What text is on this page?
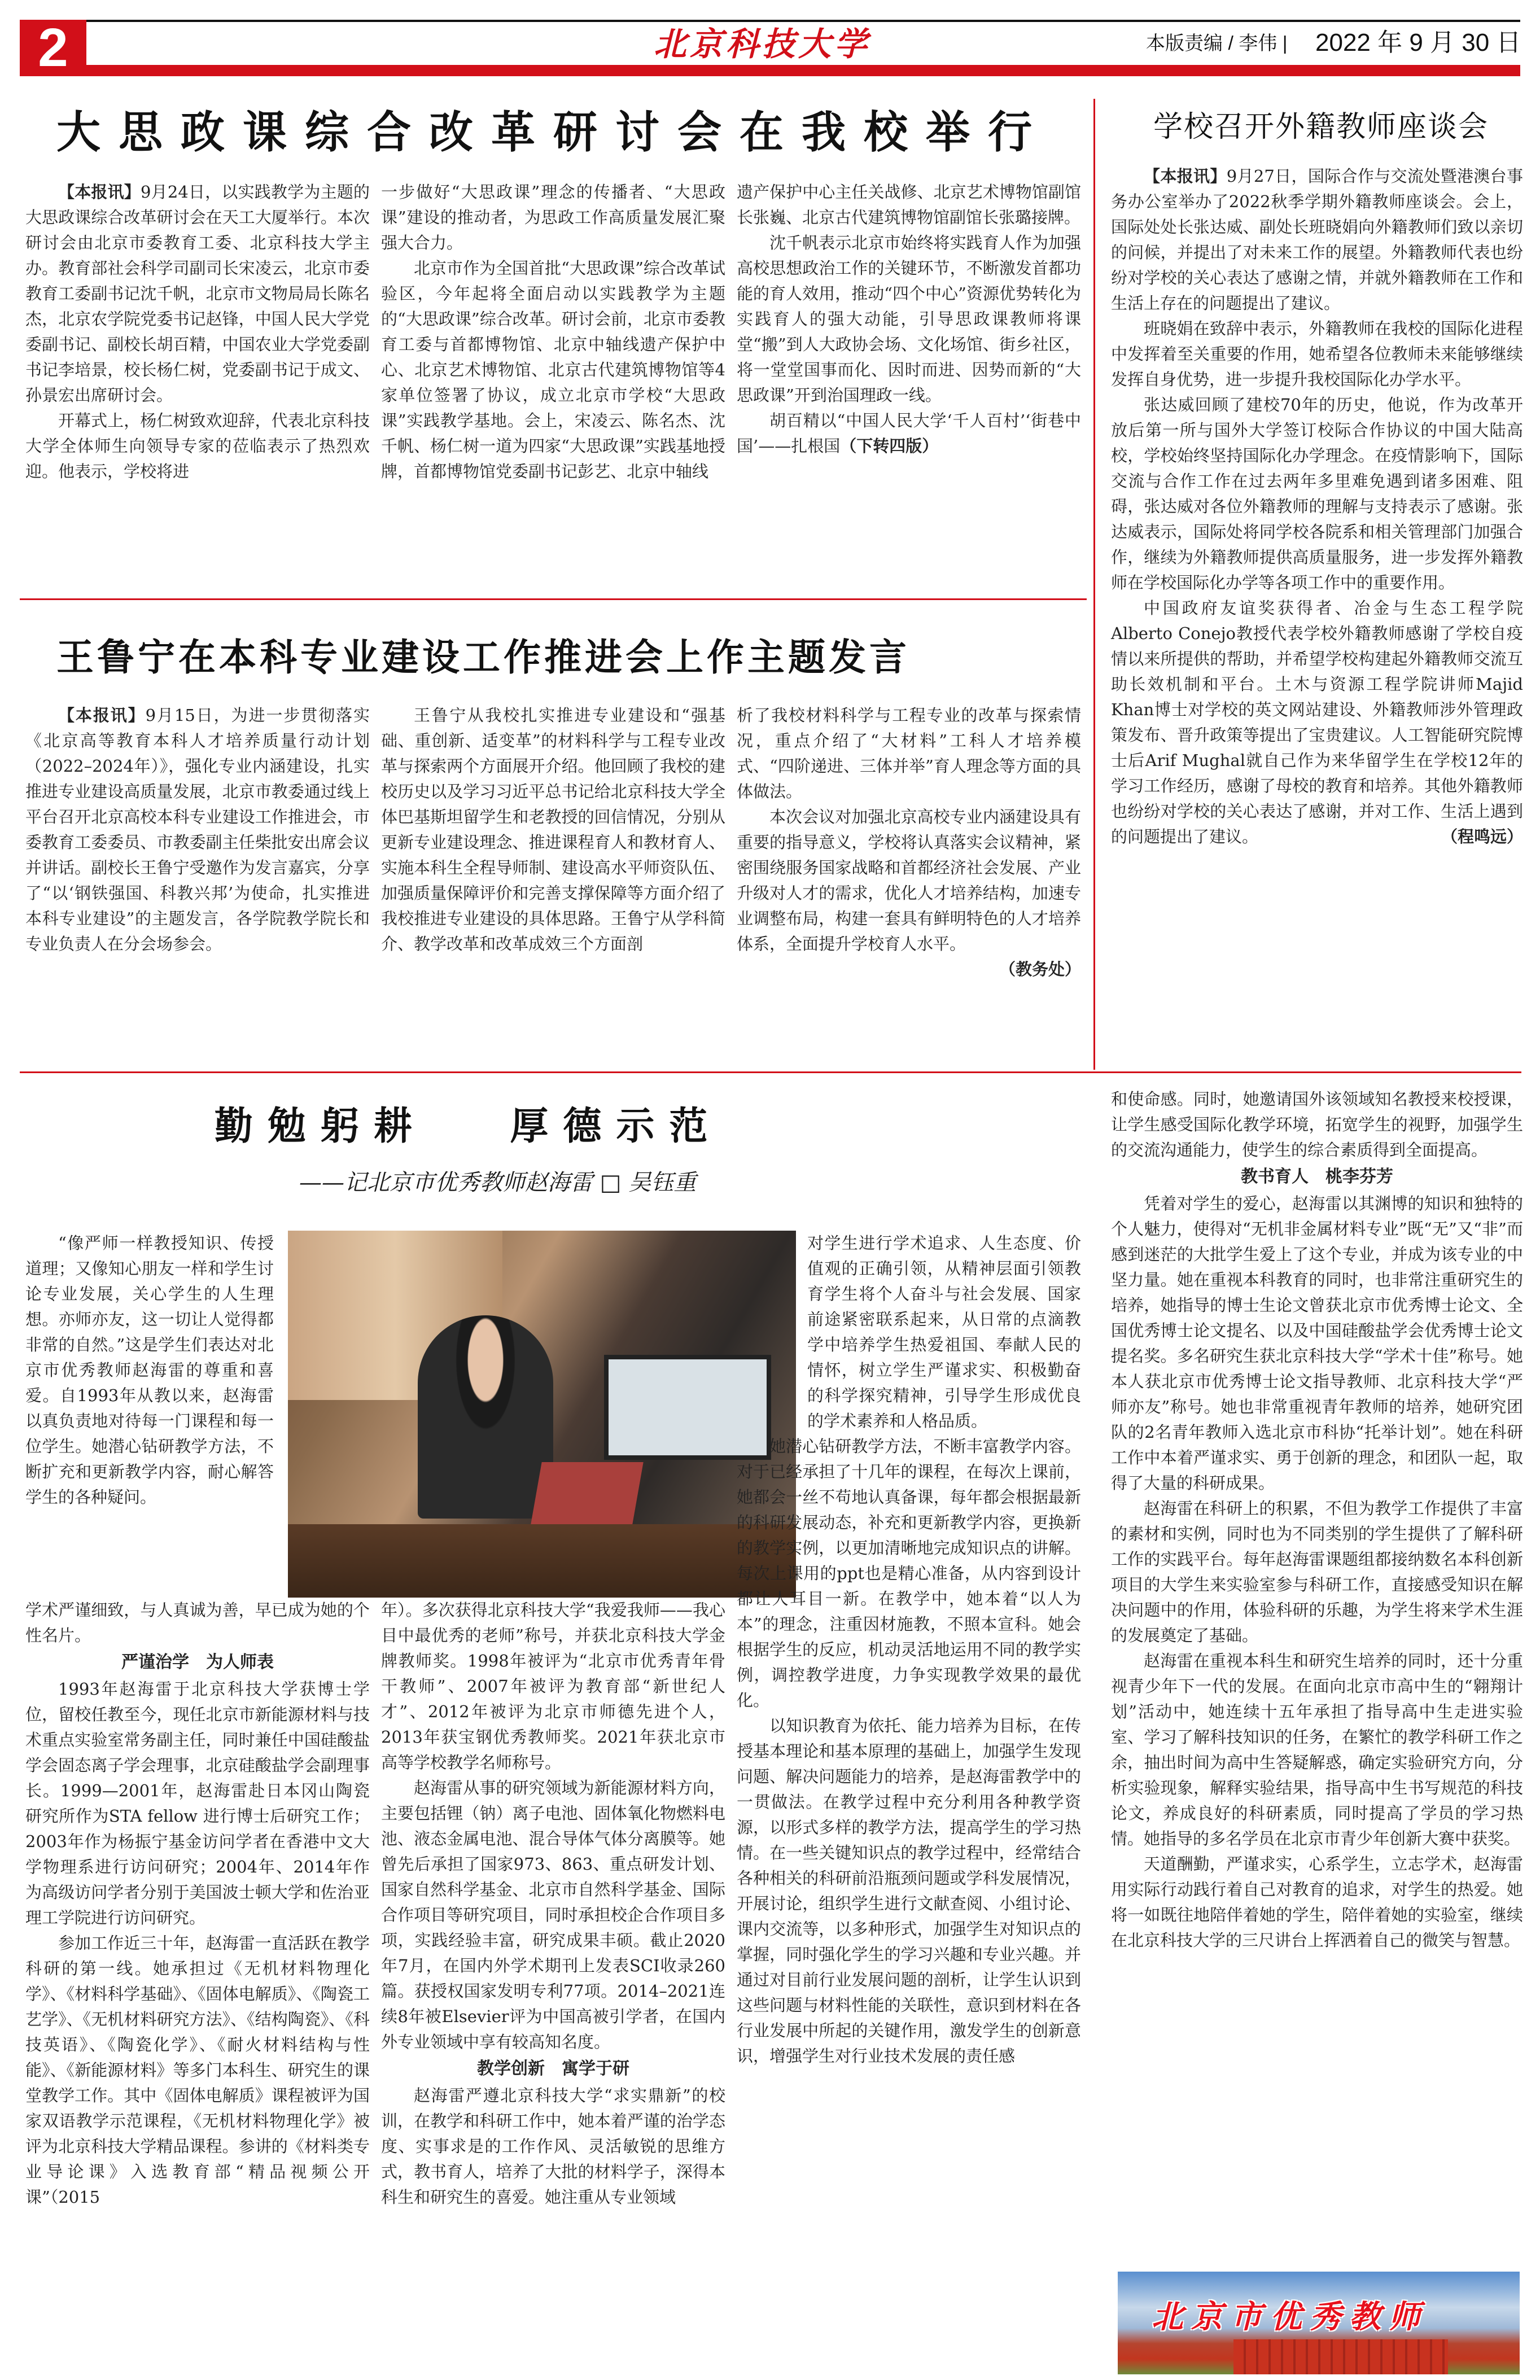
2	北京科技大学	本版责编 / 李伟 | 2022 年 9 月 30 日
大思政课综合改革研讨会在我校举行

【本报讯】9月24日，以实践教学为主题的大思政课综合改革研讨会在天工大厦举行。本次研讨会由北京市委教育工委、北京科技大学主办。教育部社会科学司副司长宋凌云，北京市委教育工委副书记沈千帆，北京市文物局局长陈名杰，北京农学院党委书记赵锋，中国人民大学党委副书记、副校长胡百精，中国农业大学党委副书记李培景，校长杨仁树，党委副书记于成文、孙景宏出席研讨会。

开幕式上，杨仁树致欢迎辞，代表北京科技大学全体师生向领导专家的莅临表示了热烈欢迎。他表示，学校将进

一步做好“大思政课”理念的传播者、“大思政课”建设的推动者，为思政工作高质量发展汇聚强大合力。

北京市作为全国首批“大思政课”综合改革试验区，今年起将全面启动以实践教学为主题的“大思政课”综合改革。研讨会前，北京市委教育工委与首都博物馆、北京中轴线遗产保护中心、北京艺术博物馆、北京古代建筑博物馆等4家单位签署了协议，成立北京市学校“大思政课”实践教学基地。会上，宋凌云、陈名杰、沈千帆、杨仁树一道为四家“大思政课”实践基地授牌，首都博物馆党委副书记彭艺、北京中轴线

遗产保护中心主任关战修、北京艺术博物馆副馆长张巍、北京古代建筑博物馆副馆长张璐接牌。

沈千帆表示北京市始终将实践育人作为加强高校思想政治工作的关键环节，不断激发首都功能的育人效用，推动“四个中心”资源优势转化为实践育人的强大动能，引导思政课教师将课堂“搬”到人大政协会场、文化场馆、街乡社区，将一堂堂国事而化、因时而进、因势而新的“大思政课”开到治国理政一线。

胡百精以“中国人民大学‘千人百村’‘街巷中国’——扎根国（下转四版）

学校召开外籍教师座谈会

【本报讯】9月27日，国际合作与交流处暨港澳台事务办公室举办了2022秋季学期外籍教师座谈会。会上，国际处处长张达威、副处长班晓娟向外籍教师们致以亲切的问候，并提出了对未来工作的展望。外籍教师代表也纷纷对学校的关心表达了感谢之情，并就外籍教师在工作和生活上存在的问题提出了建议。

班晓娟在致辞中表示，外籍教师在我校的国际化进程中发挥着至关重要的作用，她希望各位教师未来能够继续发挥自身优势，进一步提升我校国际化办学水平。

张达威回顾了建校70年的历史，他说，作为改革开放后第一所与国外大学签订校际合作协议的中国大陆高校，学校始终坚持国际化办学理念。在疫情影响下，国际交流与合作工作在过去两年多里难免遇到诸多困难、阻碍，张达威对各位外籍教师的理解与支持表示了感谢。张达威表示，国际处将同学校各院系和相关管理部门加强合作，继续为外籍教师提供高质量服务，进一步发挥外籍教师在学校国际化办学等各项工作中的重要作用。

中国政府友谊奖获得者、冶金与生态工程学院Alberto Conejo教授代表学校外籍教师感谢了学校自疫情以来所提供的帮助，并希望学校构建起外籍教师交流互助长效机制和平台。土木与资源工程学院讲师Majid Khan博士对学校的英文网站建设、外籍教师涉外管理政策发布、晋升政策等提出了宝贵建议。人工智能研究院博士后Arif Mughal就自己作为来华留学生在学校12年的学习工作经历，感谢了母校的教育和培养。其他外籍教师也纷纷对学校的关心表达了感谢，并对工作、生活上遇到的问题提出了建议。	（程鸣远）

王鲁宁在本科专业建设工作推进会上作主题发言

【本报讯】9月15日，为进一步贯彻落实《北京高等教育本科人才培养质量行动计划（2022–2024年）》，强化专业内涵建设，扎实推进专业建设高质量发展，北京市教委通过线上平台召开北京高校本科专业建设工作推进会，市委教育工委委员、市教委副主任柴批安出席会议并讲话。副校长王鲁宁受邀作为发言嘉宾，分享了“以‘钢铁强国、科教兴邦’为使命，扎实推进本科专业建设”的主题发言，各学院教学院长和专业负责人在分会场参会。

王鲁宁从我校扎实推进专业建设和“强基础、重创新、适变革”的材料科学与工程专业改革与探索两个方面展开介绍。他回顾了我校的建校历史以及学习习近平总书记给北京科技大学全体巴基斯坦留学生和老教授的回信情况，分别从更新专业建设理念、推进课程育人和教材育人、实施本科生全程导师制、建设高水平师资队伍、加强质量保障评价和完善支撑保障等方面介绍了我校推进专业建设的具体思路。王鲁宁从学科简介、教学改革和改革成效三个方面剖

析了我校材料科学与工程专业的改革与探索情况，重点介绍了“大材料”工科人才培养模式、“四阶递进、三体并举”育人理念等方面的具体做法。

本次会议对加强北京高校专业内涵建设具有重要的指导意义，学校将认真落实会议精神，紧密围绕服务国家战略和首都经济社会发展、产业升级对人才的需求，优化人才培养结构，加速专业调整布局，构建一套具有鲜明特色的人才培养体系，全面提升学校育人水平。

（教务处）

勤勉躬耕 厚德示范
——记北京市优秀教师赵海雷 □ 吴钰重

“像严师一样教授知识、传授道理；又像知心朋友一样和学生讨论专业发展，关心学生的人生理想。亦师亦友，这一切让人觉得都非常的自然。”这是学生们表达对北京市优秀教师赵海雷的尊重和喜爱。自1993年从教以来，赵海雷以真负责地对待每一门课程和每一位学生。她潜心钻研教学方法，不断扩充和更新教学内容，耐心解答学生的各种疑问。

学术严谨细致，与人真诚为善，早已成为她的个性名片。

严谨治学　为人师表

1993年赵海雷于北京科技大学获博士学位，留校任教至今，现任北京市新能源材料与技术重点实验室常务副主任，同时兼任中国硅酸盐学会固态离子学会理事，北京硅酸盐学会副理事长。1999—2001年，赵海雷赴日本冈山陶瓷研究所作为STA fellow 进行博士后研究工作；2003年作为杨振宁基金访问学者在香港中文大学物理系进行访问研究；2004年、2014年作为高级访问学者分别于美国波士顿大学和佐治亚理工学院进行访问研究。

参加工作近三十年，赵海雷一直活跃在教学科研的第一线。她承担过《无机材料物理化学》、《材料科学基础》、《固体电解质》、《陶瓷工艺学》、《无机材料研究方法》、《结构陶瓷》、《科技英语》、《陶瓷化学》、《耐火材料结构与性能》、《新能源材料》等多门本科生、研究生的课堂教学工作。其中《固体电解质》课程被评为国家双语教学示范课程，《无机材料物理化学》被评为北京科技大学精品课程。参讲的《材料类专业导论课》入选教育部“精品视频公开课”（2015

年）。多次获得北京科技大学“我爱我师——我心目中最优秀的老师”称号，并获北京科技大学金牌教师奖。1998年被评为“北京市优秀青年骨干教师”、2007年被评为教育部“新世纪人才”、2012年被评为北京市师德先进个人，2013年获宝钢优秀教师奖。2021年获北京市高等学校教学名师称号。

赵海雷从事的研究领域为新能源材料方向，主要包括锂（钠）离子电池、固体氧化物燃料电池、液态金属电池、混合导体气体分离膜等。她曾先后承担了国家973、863、重点研发计划、国家自然科学基金、北京市自然科学基金、国际合作项目等研究项目，同时承担校企合作项目多项，实践经验丰富，研究成果丰硕。截止2020年7月，在国内外学术期刊上发表SCI收录260篇。获授权国家发明专利77项。2014–2021连续8年被Elsevier评为中国高被引学者，在国内外专业领域中享有较高知名度。

教学创新　寓学于研

赵海雷严遵北京科技大学“求实鼎新”的校训，在教学和科研工作中，她本着严谨的治学态度、实事求是的工作作风、灵活敏锐的思维方式，教书育人，培养了大批的材料学子，深得本科生和研究生的喜爱。她注重从专业领域

对学生进行学术追求、人生态度、价值观的正确引领，从精神层面引领教育学生将个人奋斗与社会发展、国家前途紧密联系起来，从日常的点滴教学中培养学生热爱祖国、奉献人民的情怀，树立学生严谨求实、积极勤奋的科学探究精神，引导学生形成优良的学术素养和人格品质。

她潜心钻研教学方法，不断丰富教学内容。对于已经承担了十几年的课程，在每次上课前，她都会一丝不苟地认真备课，每年都会根据最新的科研发展动态，补充和更新教学内容，更换新的教学实例，以更加清晰地完成知识点的讲解。每次上课用的ppt也是精心准备，从内容到设计都让人耳目一新。在教学中，她本着“以人为本”的理念，注重因材施教，不照本宣科。她会根据学生的反应，机动灵活地运用不同的教学实例，调控教学进度，力争实现教学效果的最优化。

以知识教育为依托、能力培养为目标，在传授基本理论和基本原理的基础上，加强学生发现问题、解决问题能力的培养，是赵海雷教学中的一贯做法。在教学过程中充分利用各种教学资源，以形式多样的教学方法，提高学生的学习热情。在一些关键知识点的教学过程中，经常结合各种相关的科研前沿瓶颈问题或学科发展情况，开展讨论，组织学生进行文献查阅、小组讨论、课内交流等，以多种形式，加强学生对知识点的掌握，同时强化学生的学习兴趣和专业兴趣。并通过对目前行业发展问题的剖析，让学生认识到这些问题与材料性能的关联性，意识到材料在各行业发展中所起的关键作用，激发学生的创新意识，增强学生对行业技术发展的责任感

和使命感。同时，她邀请国外该领域知名教授来校授课，让学生感受国际化教学环境，拓宽学生的视野，加强学生的交流沟通能力，使学生的综合素质得到全面提高。

教书育人　桃李芬芳

凭着对学生的爱心，赵海雷以其渊博的知识和独特的个人魅力，使得对“无机非金属材料专业”既“无”又“非”而感到迷茫的大批学生爱上了这个专业，并成为该专业的中坚力量。她在重视本科教育的同时，也非常注重研究生的培养，她指导的博士生论文曾获北京市优秀博士论文、全国优秀博士论文提名、以及中国硅酸盐学会优秀博士论文提名奖。多名研究生获北京科技大学“学术十佳”称号。她本人获北京市优秀博士论文指导教师、北京科技大学“严师亦友”称号。她也非常重视青年教师的培养，她研究团队的2名青年教师入选北京市科协“托举计划”。她在科研工作中本着严谨求实、勇于创新的理念，和团队一起，取得了大量的科研成果。

赵海雷在科研上的积累，不但为教学工作提供了丰富的素材和实例，同时也为不同类别的学生提供了了解科研工作的实践平台。每年赵海雷课题组都接纳数名本科创新项目的大学生来实验室参与科研工作，直接感受知识在解决问题中的作用，体验科研的乐趣，为学生将来学术生涯的发展奠定了基础。

赵海雷在重视本科生和研究生培养的同时，还十分重视青少年下一代的发展。在面向北京市高中生的“翱翔计划”活动中，她连续十五年承担了指导高中生走进实验室、学习了解科技知识的任务，在繁忙的教学科研工作之余，抽出时间为高中生答疑解惑，确定实验研究方向，分析实验现象，解释实验结果，指导高中生书写规范的科技论文，养成良好的科研素质，同时提高了学员的学习热情。她指导的多名学员在北京市青少年创新大赛中获奖。

天道酬勤，严谨求实，心系学生，立志学术，赵海雷用实际行动践行着自己对教育的追求，对学生的热爱。她将一如既往地陪伴着她的学生，陪伴着她的实验室，继续在北京科技大学的三尺讲台上挥洒着自己的微笑与智慧。

北京市优秀教师
